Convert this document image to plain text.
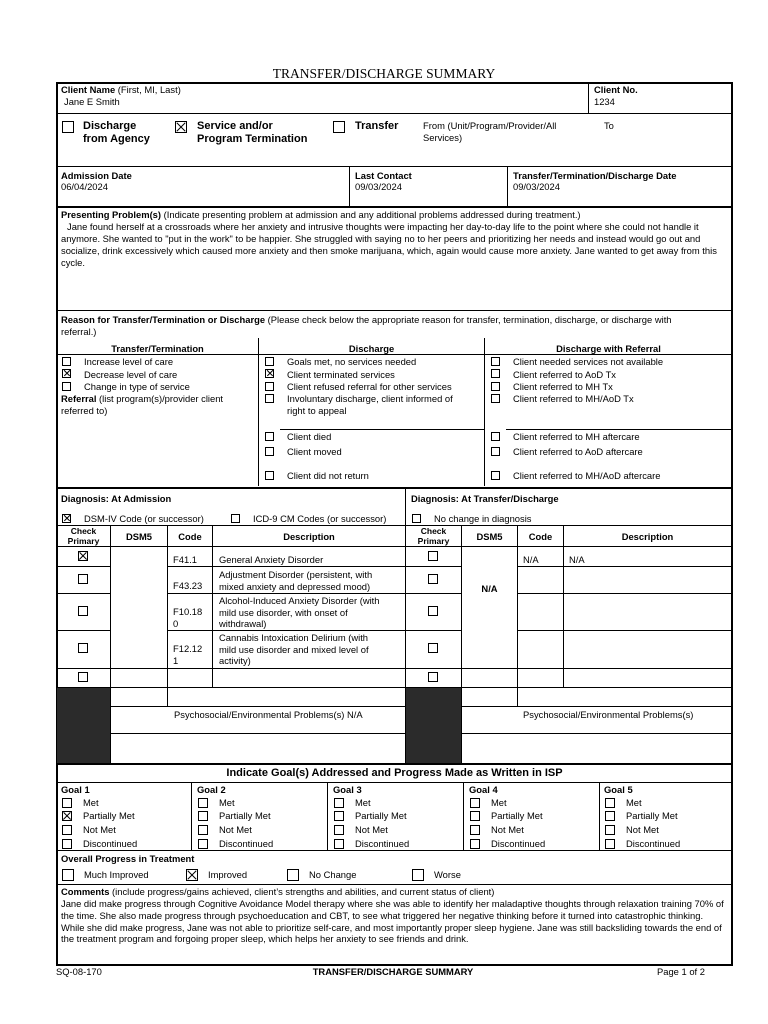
TRANSFER/DISCHARGE SUMMARY
Client Name (First, MI, Last)
Jane E Smith
Client No.
1234
Discharge
from Agency
Service and/or
Program Termination
Transfer	From (Unit/Program/Provider/All
Services)
To
Admission Date
06/04/2024
Last Contact
09/03/2024
Transfer/Termination/Discharge Date
09/03/2024
Presenting Problem(s) (Indicate presenting problem at admission and any additional problems addressed during treatment.)
Jane found herself at a crossroads where her anxiety and intrusive thoughts were impacting her day-to-day life to the point where she could not handle it anymore. She wanted to "put in the work" to be happier. She struggled with saying no to her peers and prioritizing her needs and instead would go out and socialize, drink excessively which caused more anxiety and then smoke marijuana, which, again would cause more anxiety. Jane wanted to get away from this cycle.
Reason for Transfer/Termination or Discharge (Please check below the appropriate reason for transfer, termination, discharge, or discharge with
referral.)
Transfer/Termination	Discharge	Discharge with Referral
Increase level of care
Decrease level of care
Change in type of service
Referral (list program(s)/provider client
referred to)
Goals met, no services needed
Client terminated services
Client refused referral for other services
Involuntary discharge, client informed of
right to appeal
Client died
Client moved
Client did not return
Client needed services not available
Client referred to AoD Tx
Client referred to MH Tx
Client referred to MH/AoD Tx
Client referred to MH aftercare
Client referred to AoD aftercare
Client referred to MH/AoD aftercare
Diagnosis: At Admission	Diagnosis: At Transfer/Discharge
DSM-IV Code (or successor)	ICD-9 CM Codes (or successor)	No change in diagnosis
Check
Primary	DSM5	Code	Description	Check
Primary	DSM5	Code	Description
F41.1 General Anxiety Disorder
F43.23
Adjustment Disorder (persistent, with
mixed anxiety and depressed mood)
F10.18
0
Alcohol-Induced Anxiety Disorder (with
mild use disorder, with onset of
withdrawal)
F12.12
1
Cannabis Intoxication Delirium (with
mild use disorder and mixed level of
activity)
Psychosocial/Environmental Problems(s) N/A
N/A	N/A
N/A
Psychosocial/Environmental Problems(s)
Indicate Goal(s) Addressed and Progress Made as Written in ISP
Goal 1
Met
Partially Met
Not Met
Discontinued
Goal 2
Met
Partially Met
Not Met
Discontinued
Goal 3
Met
Partially Met
Not Met
Discontinued
Goal 4
Met
Partially Met
Not Met
Discontinued
Goal 5
Met
Partially Met
Not Met
Discontinued
Overall Progress in Treatment
Much Improved	Improved	No Change	Worse
Comments (include progress/gains achieved, client’s strengths and abilities, and current status of client)
Jane did make progress through Cognitive Avoidance Model therapy where she was able to identify her maladaptive thoughts through relaxation training 70% of the time. She also made progress through psychoeducation and CBT, to see what triggered her negative thinking before it turned into catastrophic thinking. While she did make progress, Jane was not able to prioritize self-care, and most importantly proper sleep hygiene. Jane was still backsliding towards the end of the treatment program and forgoing proper sleep, which helps her anxiety to see friends and drink.
SQ-08-170	TRANSFER/DISCHARGE SUMMARY	Page 1 of 2
